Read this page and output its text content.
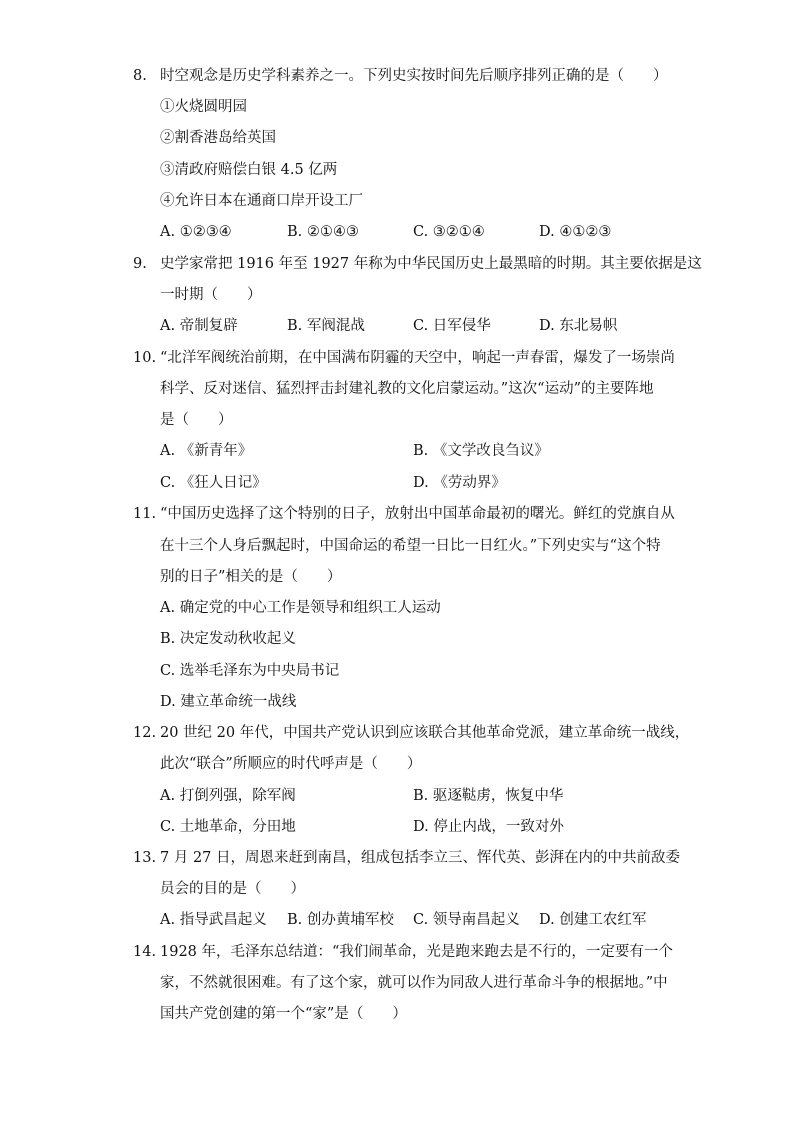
8. 时空观念是历史学科素养之一。下列史实按时间先后顺序排列正确的是（　　）
①火烧圆明园
②割香港岛给英国
③清政府赔偿白银 4.5 亿两
④允许日本在通商口岸开设工厂
A. ①②③④	B. ②①④③	C. ③②①④	D. ④①②③
9. 史学家常把 1916 年至 1927 年称为中华民国历史上最黑暗的时期。其主要依据是这
一时期（　　）
A. 帝制复辟	B. 军阀混战	C. 日军侵华	D. 东北易帜
10. “北洋军阀统治前期，在中国满布阴霾的天空中，响起一声春雷，爆发了一场崇尚
科学、反对迷信、猛烈抨击封建礼教的文化启蒙运动。”这次“运动”的主要阵地
是（　　）
A. 《新青年》	B. 《文学改良刍议》
C. 《狂人日记》	D. 《劳动界》
11. “中国历史选择了这个特别的日子，放射出中国革命最初的曙光。鲜红的党旗自从
在十三个人身后飘起时，中国命运的希望一日比一日红火。”下列史实与“这个特
别的日子”相关的是（　　）
A. 确定党的中心工作是领导和组织工人运动
B. 决定发动秋收起义
C. 选举毛泽东为中央局书记
D. 建立革命统一战线
12. 20 世纪 20 年代，中国共产党认识到应该联合其他革命党派，建立革命统一战线，
此次“联合”所顺应的时代呼声是（　　）
A. 打倒列强，除军阀	B. 驱逐鞑虏，恢复中华
C. 土地革命，分田地	D. 停止内战，一致对外
13. 7 月 27 日，周恩来赶到南昌，组成包括李立三、恽代英、彭湃在内的中共前敌委
员会的目的是（　　）
A. 指导武昌起义 B. 创办黄埔军校 C. 领导南昌起义 D. 创建工农红军
14. 1928 年，毛泽东总结道：“我们闹革命，光是跑来跑去是不行的，一定要有一个
家，不然就很困难。有了这个家，就可以作为同敌人进行革命斗争的根据地。”中
国共产党创建的第一个“家”是（　　）
